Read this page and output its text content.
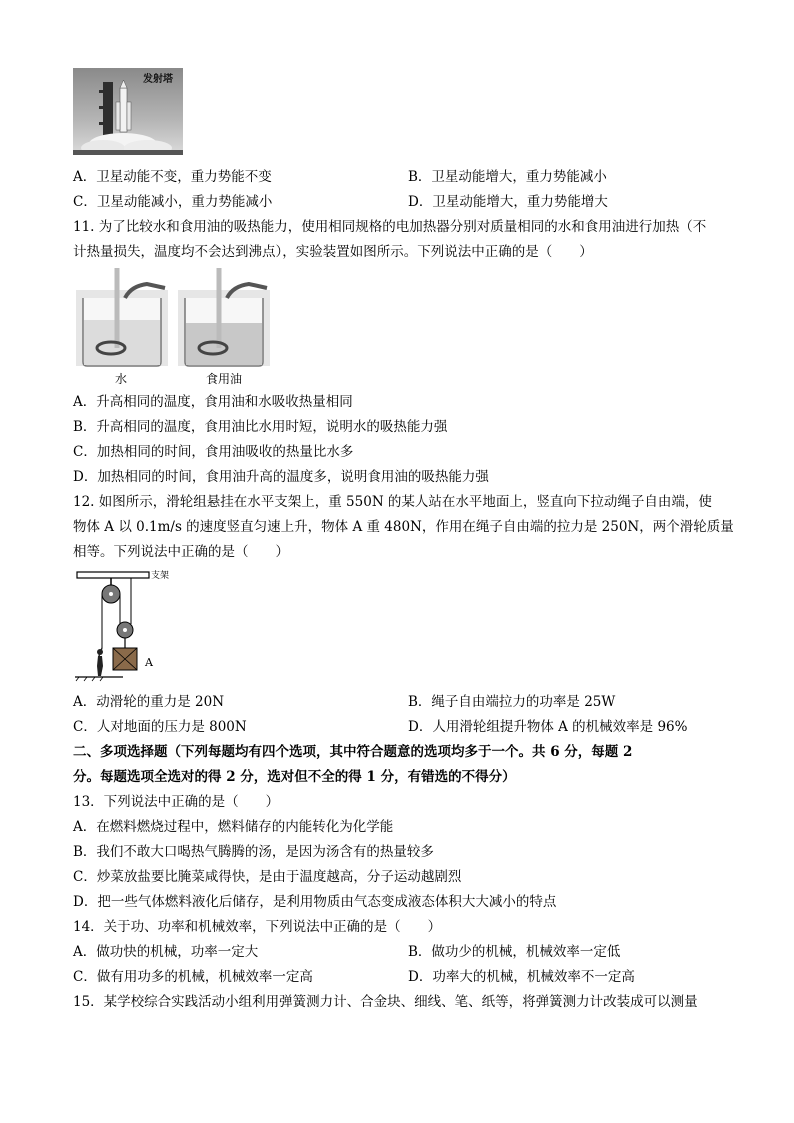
发射塔
A．卫星动能不变，重力势能不变	B．卫星动能增大，重力势能减小
C．卫星动能减小，重力势能减小	D．卫星动能增大，重力势能增大
11. 为了比较水和食用油的吸热能力，使用相同规格的电加热器分别对质量相同的水和食用油进行加热（不
计热量损失，温度均不会达到沸点），实验装置如图所示。下列说法中正确的是（　　）
水	食用油
A．升高相同的温度，食用油和水吸收热量相同
B．升高相同的温度，食用油比水用时短，说明水的吸热能力强
C．加热相同的时间，食用油吸收的热量比水多
D．加热相同的时间，食用油升高的温度多，说明食用油的吸热能力强
12. 如图所示，滑轮组悬挂在水平支架上，重 550N 的某人站在水平地面上，竖直向下拉动绳子自由端，使
物体 A 以 0.1m/s 的速度竖直匀速上升，物体 A 重 480N，作用在绳子自由端的拉力是 250N，两个滑轮质量
相等。下列说法中正确的是（　　）
支架
A
A．动滑轮的重力是 20N	B．绳子自由端拉力的功率是 25W
C．人对地面的压力是 800N	D．人用滑轮组提升物体 A 的机械效率是 96%
二、多项选择题（下列每题均有四个选项，其中符合题意的选项均多于一个。共 6 分，每题 2
分。每题选项全选对的得 2 分，选对但不全的得 1 分，有错选的不得分）
13．下列说法中正确的是（　　）
A．在燃料燃烧过程中，燃料储存的内能转化为化学能
B．我们不敢大口喝热气腾腾的汤，是因为汤含有的热量较多
C．炒菜放盐要比腌菜咸得快，是由于温度越高，分子运动越剧烈
D．把一些气体燃料液化后储存，是利用物质由气态变成液态体积大大减小的特点
14．关于功、功率和机械效率，下列说法中正确的是（　　）
A．做功快的机械，功率一定大	B．做功少的机械，机械效率一定低
C．做有用功多的机械，机械效率一定高	D．功率大的机械，机械效率不一定高
15．某学校综合实践活动小组利用弹簧测力计、合金块、细线、笔、纸等，将弹簧测力计改装成可以测量
